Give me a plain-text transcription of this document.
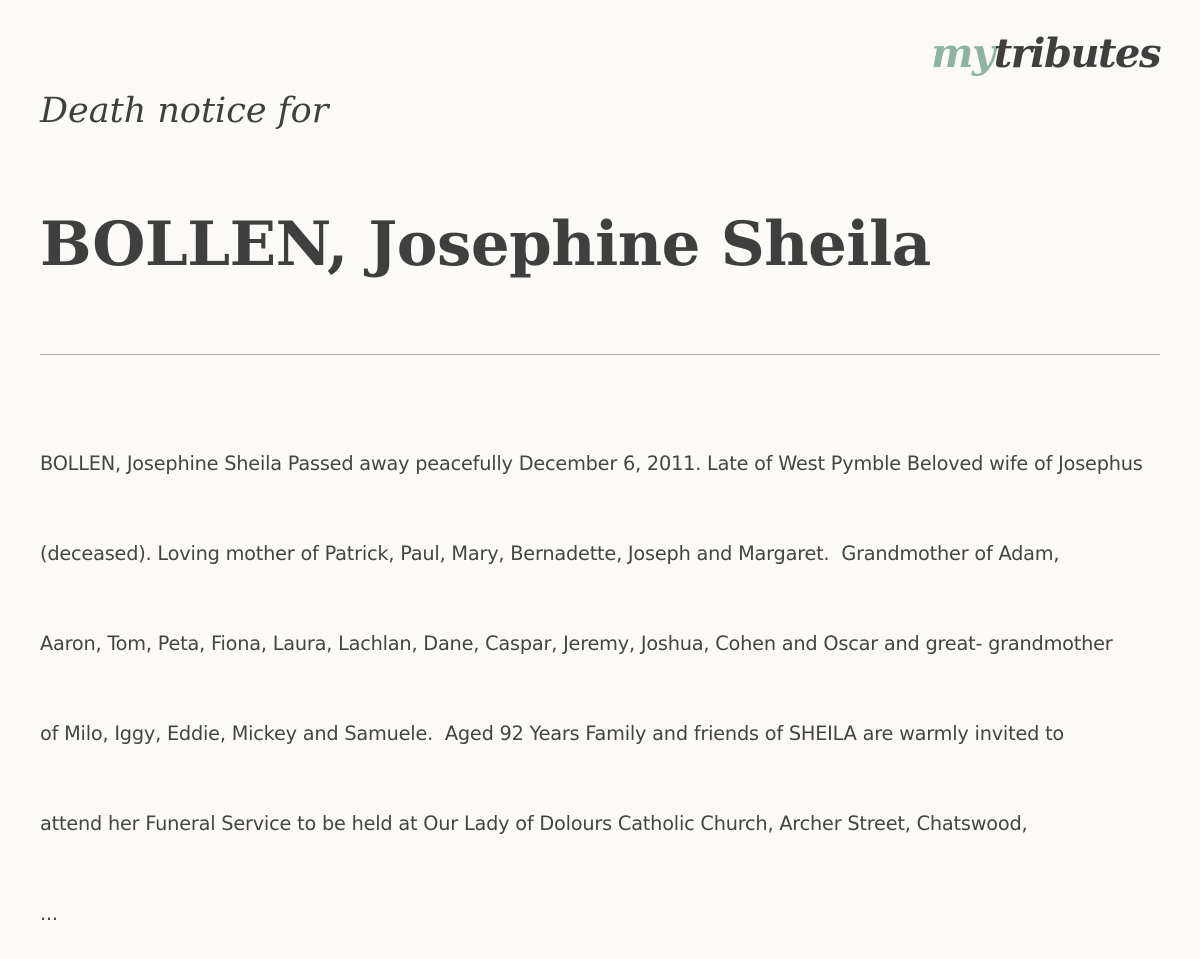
mytributes
Death notice for
BOLLEN, Josephine Sheila

BOLLEN, Josephine Sheila Passed away peacefully December 6, 2011. Late of West Pymble Beloved wife of Josephus

(deceased). Loving mother of Patrick, Paul, Mary, Bernadette, Joseph and Margaret.  Grandmother of Adam,

Aaron, Tom, Peta, Fiona, Laura, Lachlan, Dane, Caspar, Jeremy, Joshua, Cohen and Oscar and great- grandmother

of Milo, Iggy, Eddie, Mickey and Samuele.  Aged 92 Years Family and friends of SHEILA are warmly invited to

attend her Funeral Service to be held at Our Lady of Dolours Catholic Church, Archer Street, Chatswood,

...
